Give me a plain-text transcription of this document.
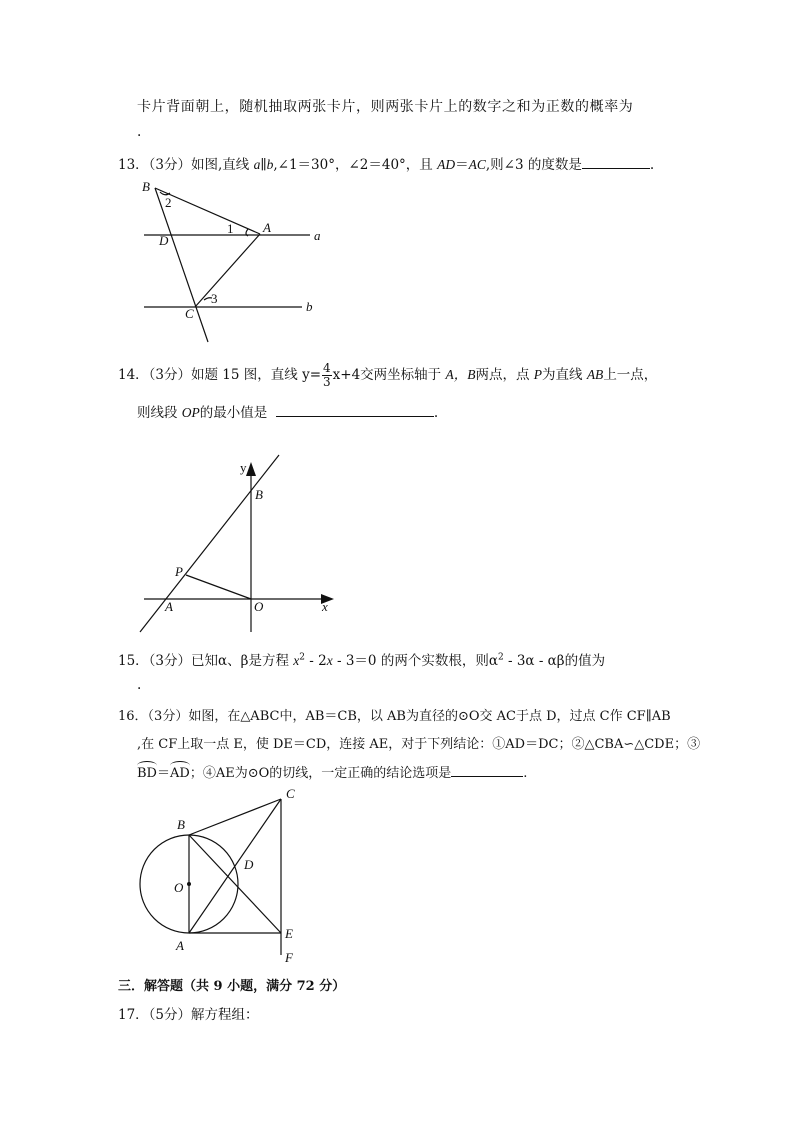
卡片背面朝上，随机抽取两张卡片，则两张卡片上的数字之和为正数的概率为
.
13．（3分）如图,直线 a∥b,∠1＝30°，∠2＝40°，且 AD＝AC,则∠3 的度数是	.
B
2
1 A
D	a
3
b
C
14．（3分）如题 15 图，直线 $y= \frac{4}{3} x+4$交两坐标轴于 A，B两点，点 P为直线 AB上一点，
则线段 OP的最小值是	.
y
B
P
A	O	x
15．（3分）已知α、β是方程 $x^2 - 2x - 3=0$ 的两个实数根，则$\alpha^2 - 3\alpha$ - αβ的值为
.
16．（3分）如图，在△ABC中，AB＝CB，以 AB为直径的⊙O交 AC于点 D，过点 C作 CF∥AB
,在 CF上取一点 E，使 DE＝CD，连接 AE，对于下列结论：①AD＝DC；②△CBA∽△CDE；③
BD＝AD；④AE为⊙O的切线，一定正确的结论选项是	.
C
B
D
O
A
E
F
三．解答题（共 9 小题，满分 72 分）
17．（5分）解方程组：
